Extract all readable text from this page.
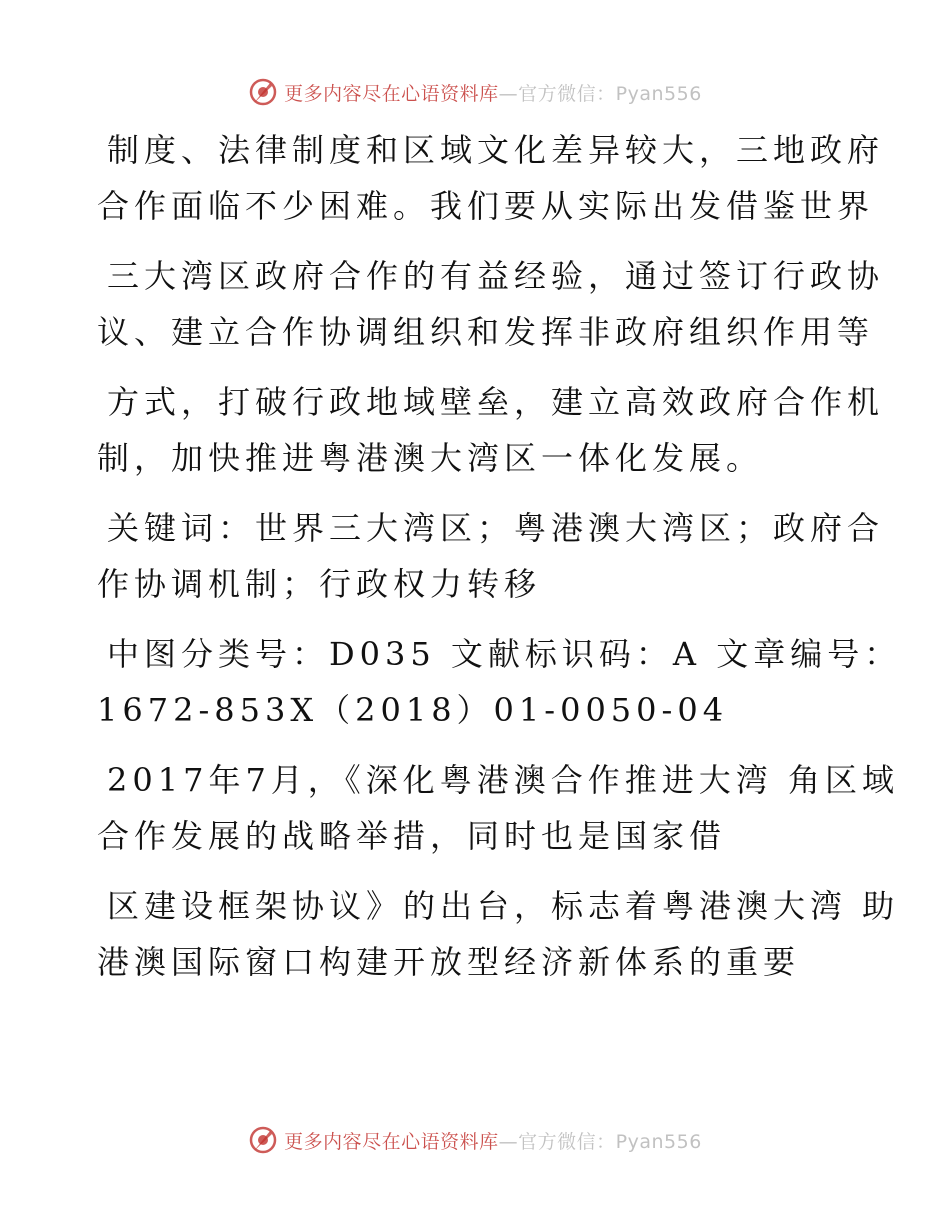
更多内容尽在心语资料库—官方微信：Pyan556
制度、法律制度和区域文化差异较大，三地政府
合作面临不少困难。我们要从实际出发借鉴世界
三大湾区政府合作的有益经验，通过签订行政协
议、建立合作协调组织和发挥非政府组织作用等
方式，打破行政地域壁垒，建立高效政府合作机
制，加快推进粤港澳大湾区一体化发展。
关键词：世界三大湾区；粤港澳大湾区；政府合
作协调机制；行政权力转移
中图分类号：D035 文献标识码：A 文章编号：
1672-853X（2018）01-0050-04
2017年7月，《深化粤港澳合作推进大湾 角区域
合作发展的战略举措，同时也是国家借
区建设框架协议》的出台，标志着粤港澳大湾 助
港澳国际窗口构建开放型经济新体系的重要
更多内容尽在心语资料库—官方微信：Pyan556
